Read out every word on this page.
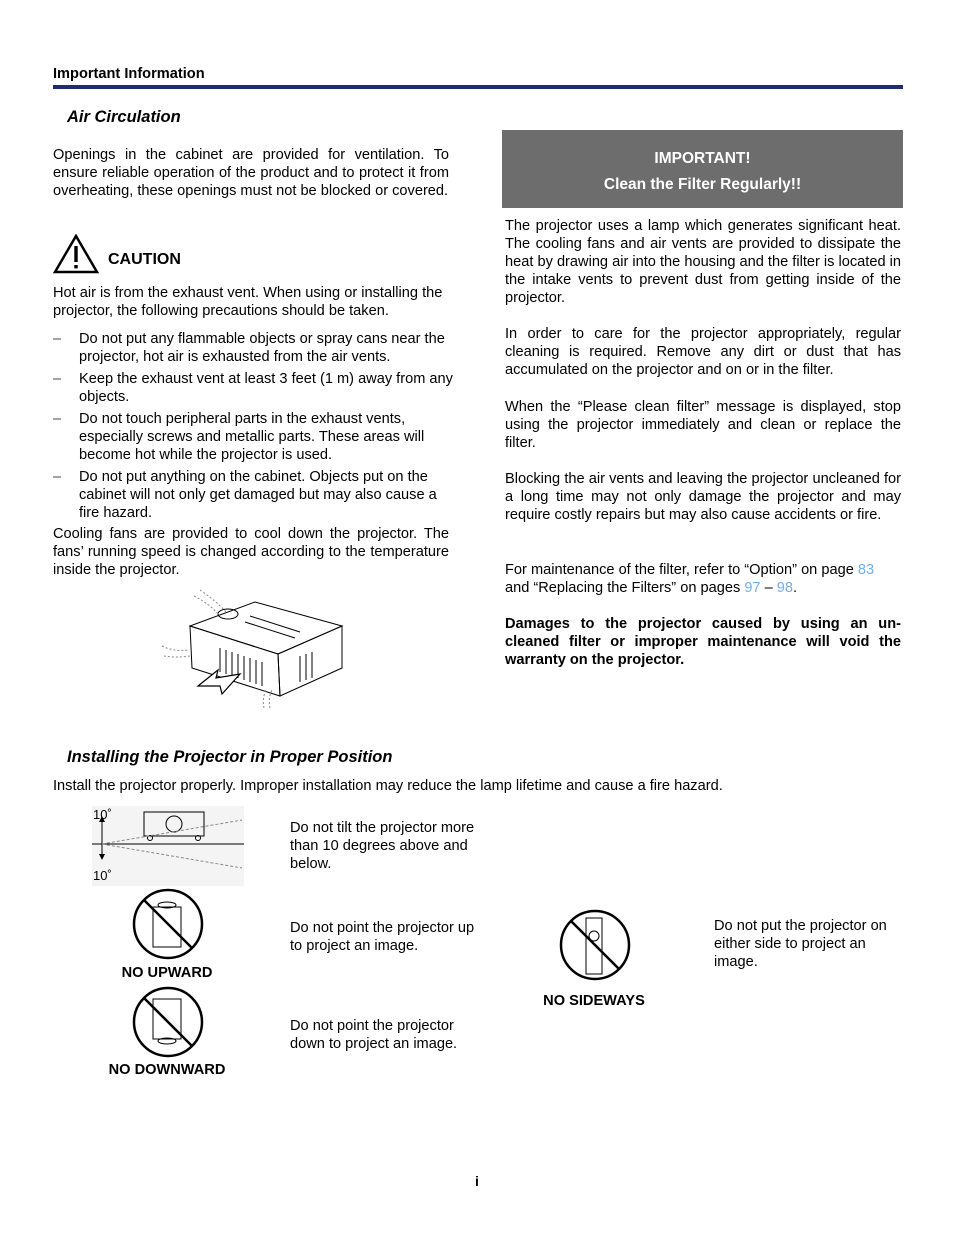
Important Information
Air Circulation
Openings in the cabinet are provided for ventilation. To ensure reliable operation of the product and to protect it from overheating, these openings must not be blocked or covered.
CAUTION
Hot air is from the exhaust vent. When using or installing the projector, the following precautions should be taken.
– Do not put any flammable objects or spray cans near the projector, hot air is exhausted from the air vents.
– Keep the exhaust vent at least 3 feet (1 m) away from any objects.
– Do not touch peripheral parts in the exhaust vents, especially screws and metallic parts. These areas will become hot while the projector is used.
– Do not put anything on the cabinet. Objects put on the cabinet will not only get damaged but may also cause a fire hazard.
Cooling fans are provided to cool down the projector. The fans’ running speed is changed according to the temperature inside the projector.
IMPORTANT!
Clean the Filter Regularly!!
The projector uses a lamp which generates significant heat. The cooling fans and air vents are provided to dissipate the heat by drawing air into the housing and the filter is located in the intake vents to prevent dust from getting inside of the projector.
In order to care for the projector appropriately, regular cleaning is required. Remove any dirt or dust that has accumulated on the projector and on or in the filter.
When the “Please clean filter” message is displayed, stop using the projector immediately and clean or replace the filter.
Blocking the air vents and leaving the projector uncleaned for a long time may not only damage the projector and may require costly repairs but may also cause accidents or fire.
For maintenance of the filter, refer to “Option” on page 83 and “Replacing the Filters” on pages 97 – 98.
Damages to the projector caused by using an un-cleaned filter or improper maintenance will void the warranty on the projector.
Installing the Projector in Proper Position
Install the projector properly. Improper installation may reduce the lamp lifetime and cause a fire hazard.
10˚
10˚
Do not tilt the projector more than 10 degrees above and below.
NO UPWARD
Do not point the projector up to project an image.
NO DOWNWARD
Do not point the projector down to project an image.
NO SIDEWAYS
Do not put the projector on either side to project an image.
i
